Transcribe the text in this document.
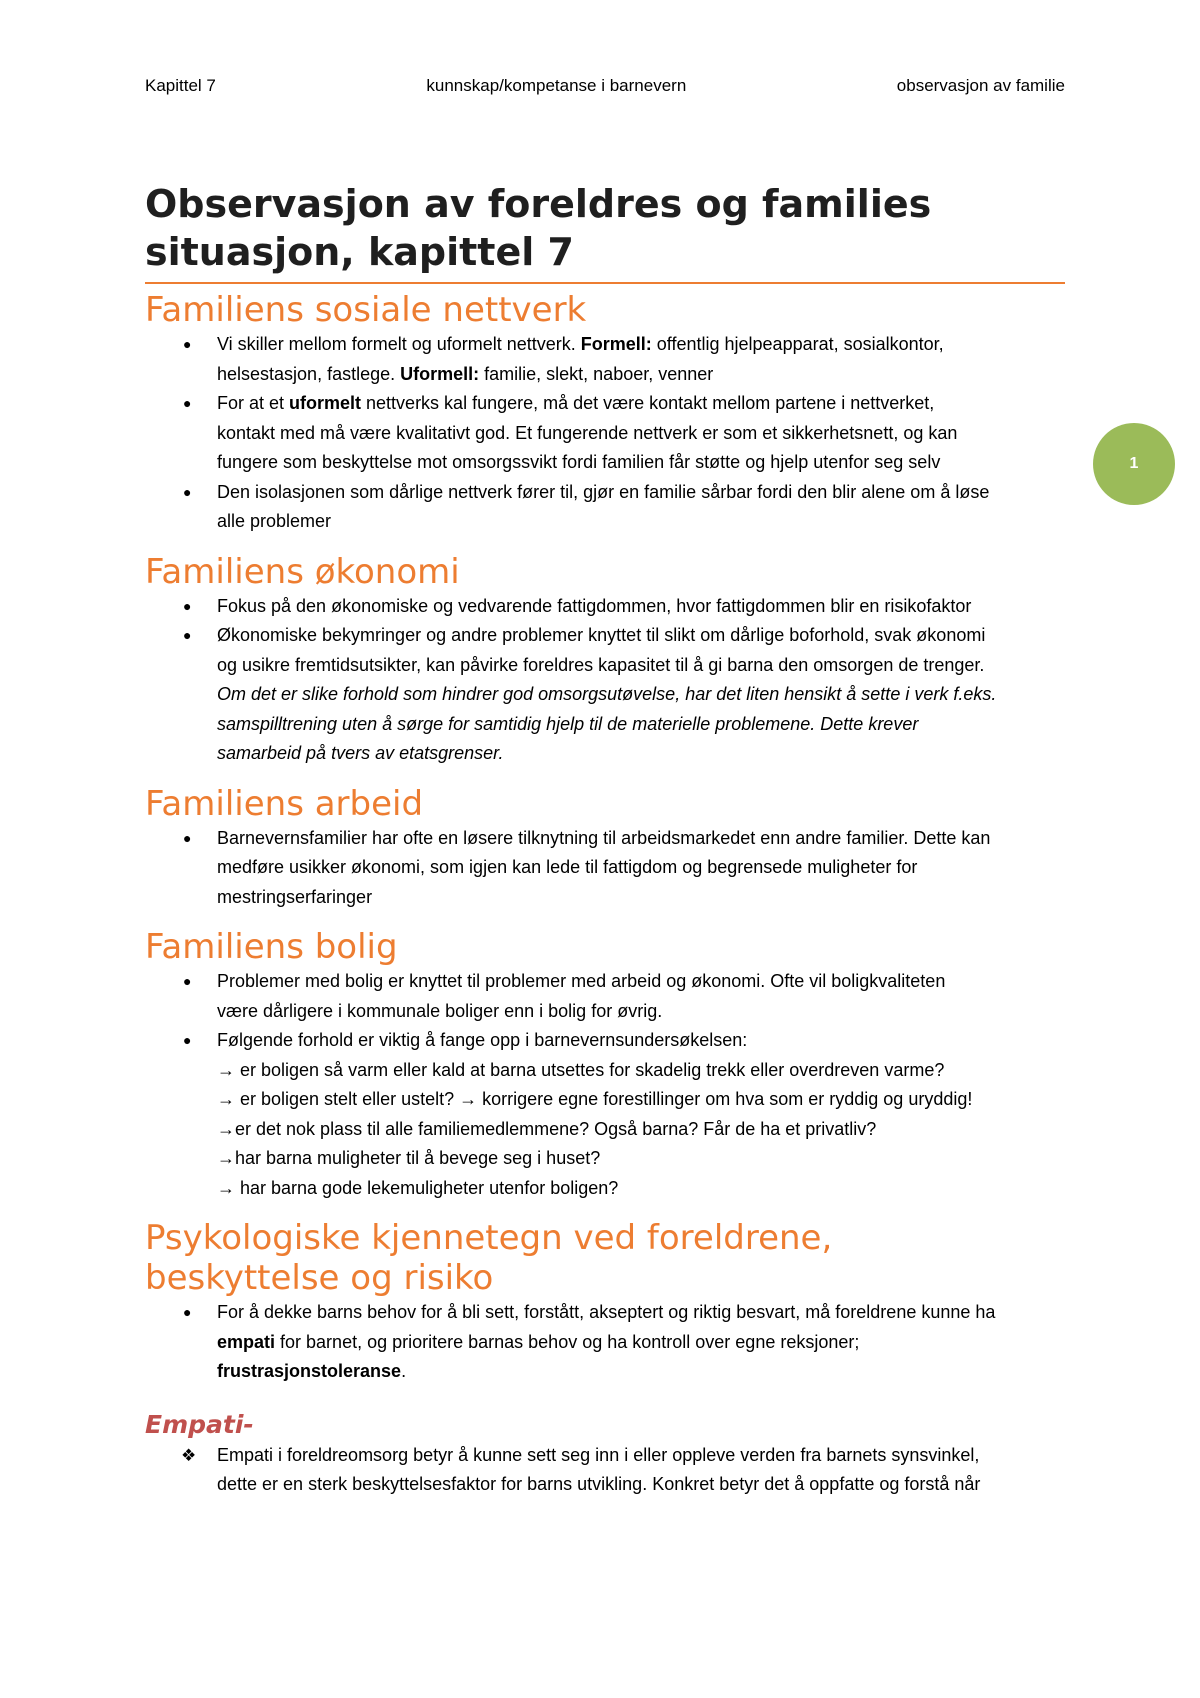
Kapittel 7	kunnskap/kompetanse i barnevern	observasjon av familie
1
Observasjon av foreldres og families
situasjon, kapittel 7
Familiens sosiale nettverk
● Vi skiller mellom formelt og uformelt nettverk. Formell: offentlig hjelpeapparat, sosialkontor,
helsestasjon, fastlege. Uformell: familie, slekt, naboer, venner
● For at et uformelt nettverks kal fungere, må det være kontakt mellom partene i nettverket,
kontakt med må være kvalitativt god. Et fungerende nettverk er som et sikkerhetsnett, og kan
fungere som beskyttelse mot omsorgssvikt fordi familien får støtte og hjelp utenfor seg selv
● Den isolasjonen som dårlige nettverk fører til, gjør en familie sårbar fordi den blir alene om å løse
alle problemer
Familiens økonomi
● Fokus på den økonomiske og vedvarende fattigdommen, hvor fattigdommen blir en risikofaktor
● Økonomiske bekymringer og andre problemer knyttet til slikt om dårlige boforhold, svak økonomi
og usikre fremtidsutsikter, kan påvirke foreldres kapasitet til å gi barna den omsorgen de trenger.
Om det er slike forhold som hindrer god omsorgsutøvelse, har det liten hensikt å sette i verk f.eks.
samspilltrening uten å sørge for samtidig hjelp til de materielle problemene. Dette krever
samarbeid på tvers av etatsgrenser.
Familiens arbeid
● Barnevernsfamilier har ofte en løsere tilknytning til arbeidsmarkedet enn andre familier. Dette kan
medføre usikker økonomi, som igjen kan lede til fattigdom og begrensede muligheter for
mestringserfaringer
Familiens bolig
● Problemer med bolig er knyttet til problemer med arbeid og økonomi. Ofte vil boligkvaliteten
være dårligere i kommunale boliger enn i bolig for øvrig.
● Følgende forhold er viktig å fange opp i barnevernsundersøkelsen:
→ er boligen så varm eller kald at barna utsettes for skadelig trekk eller overdreven varme?
→ er boligen stelt eller ustelt? → korrigere egne forestillinger om hva som er ryddig og uryddig!
→er det nok plass til alle familiemedlemmene? Også barna? Får de ha et privatliv?
→har barna muligheter til å bevege seg i huset?
→ har barna gode lekemuligheter utenfor boligen?
Psykologiske kjennetegn ved foreldrene,
beskyttelse og risiko
● For å dekke barns behov for å bli sett, forstått, akseptert og riktig besvart, må foreldrene kunne ha
empati for barnet, og prioritere barnas behov og ha kontroll over egne reksjoner;
frustrasjonstoleranse.
Empati-
❖ Empati i foreldreomsorg betyr å kunne sett seg inn i eller oppleve verden fra barnets synsvinkel,
dette er en sterk beskyttelsesfaktor for barns utvikling. Konkret betyr det å oppfatte og forstå når
